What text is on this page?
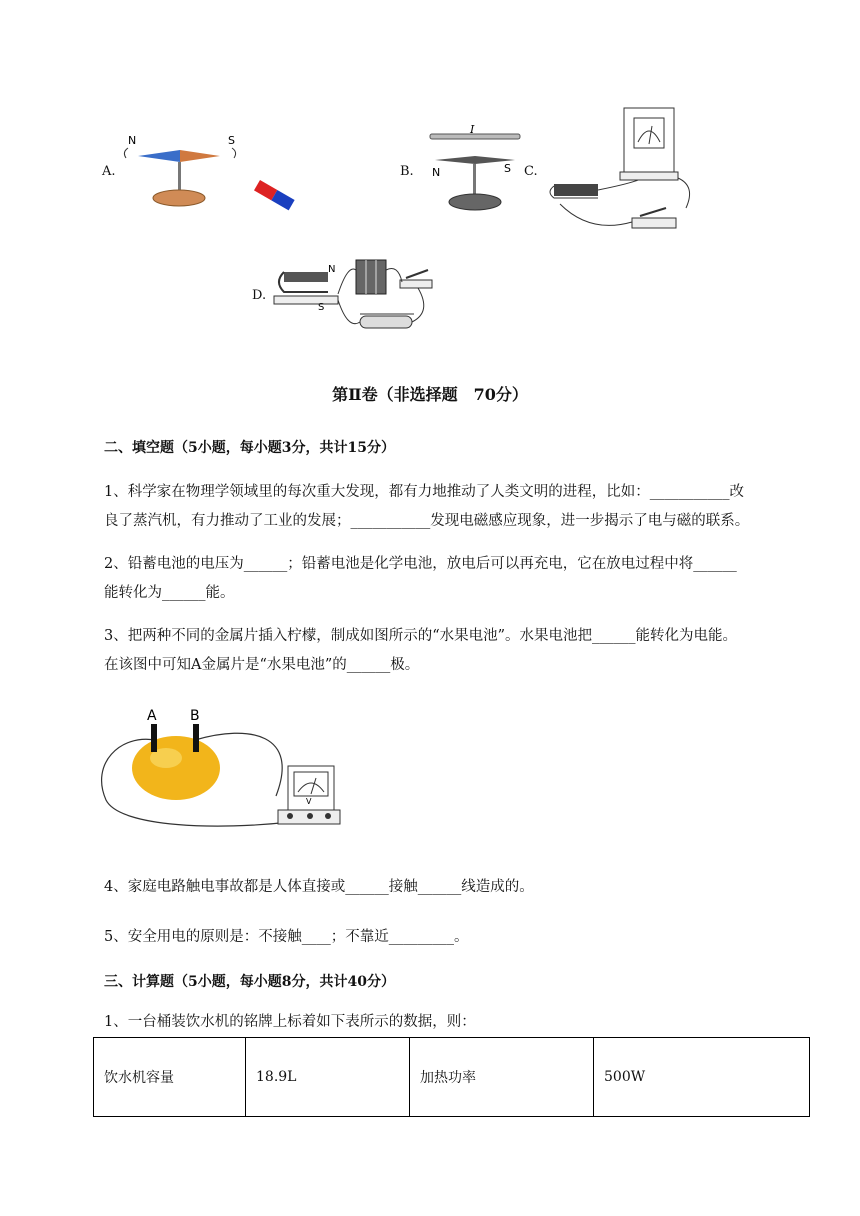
A.
N	S
B.
I
N	S C.
D.
N
S
第Ⅱ卷（非选择题　70分）
二、填空题（5小题，每小题3分，共计15分）
1、科学家在物理学领域里的每次重大发现，都有力地推动了人类文明的进程，比如：___________改
良了蒸汽机，有力推动了工业的发展；___________发现电磁感应现象，进一步揭示了电与磁的联系。
2、铅蓄电池的电压为______；铅蓄电池是化学电池，放电后可以再充电，它在放电过程中将______
能转化为______能。
3、把两种不同的金属片插入柠檬，制成如图所示的“水果电池”。水果电池把______能转化为电能。
在该图中可知A金属片是“水果电池”的______极。
A B
V
4、家庭电路触电事故都是人体直接或______接触______线造成的。
5、安全用电的原则是：不接触____；不靠近_________。
三、计算题（5小题，每小题8分，共计40分）
1、一台桶装饮水机的铭牌上标着如下表所示的数据，则：
饮水机容量	18.9L	加热功率	500W
